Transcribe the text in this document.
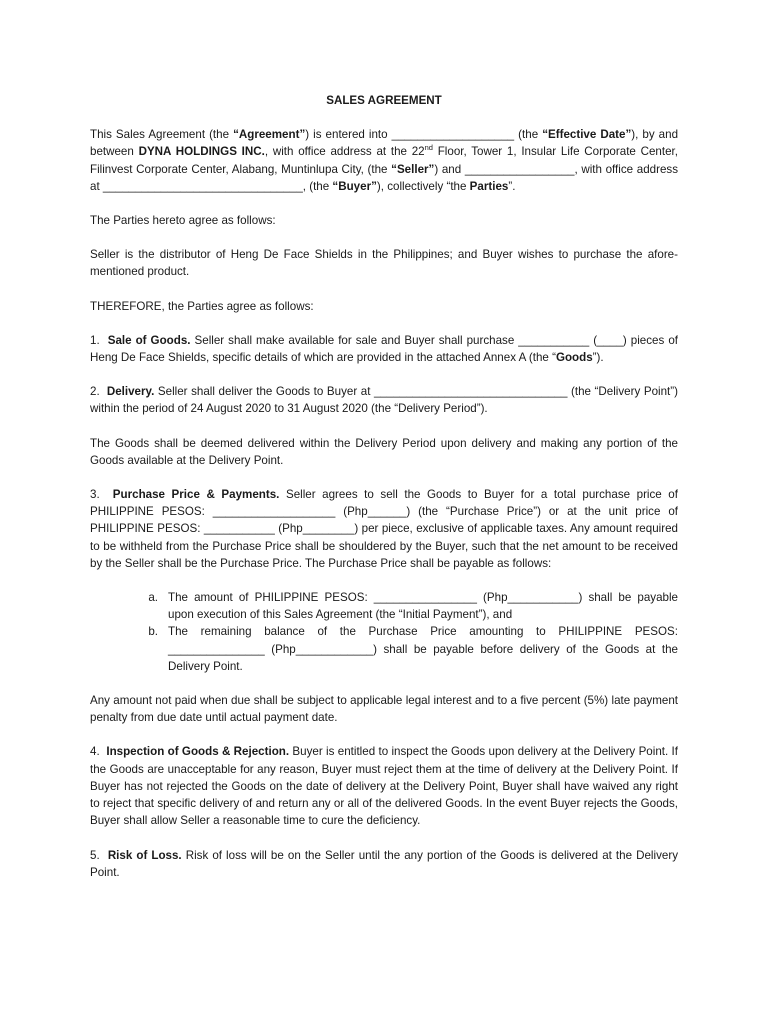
SALES AGREEMENT

This Sales Agreement (the “Agreement”) is entered into ___________________ (the “Effective Date”), by and between DYNA HOLDINGS INC., with office address at the 22nd Floor, Tower 1, Insular Life Corporate Center, Filinvest Corporate Center, Alabang, Muntinlupa City, (the “Seller”) and _________________, with office address at _______________________________, (the “Buyer”), collectively “the Parties”.

The Parties hereto agree as follows:

Seller is the distributor of Heng De Face Shields in the Philippines; and Buyer wishes to purchase the afore-mentioned product.

THEREFORE, the Parties agree as follows:

1. Sale of Goods. Seller shall make available for sale and Buyer shall purchase ___________ (____) pieces of Heng De Face Shields, specific details of which are provided in the attached Annex A (the “Goods”).

2. Delivery. Seller shall deliver the Goods to Buyer at ______________________________ (the “Delivery Point”) within the period of 24 August 2020 to 31 August 2020 (the “Delivery Period”).

The Goods shall be deemed delivered within the Delivery Period upon delivery and making any portion of the Goods available at the Delivery Point.

3. Purchase Price & Payments. Seller agrees to sell the Goods to Buyer for a total purchase price of PHILIPPINE PESOS: ___________________ (Php______) (the “Purchase Price”) or at the unit price of PHILIPPINE PESOS: ___________ (Php________) per piece, exclusive of applicable taxes. Any amount required to be withheld from the Purchase Price shall be shouldered by the Buyer, such that the net amount to be received by the Seller shall be the Purchase Price. The Purchase Price shall be payable as follows:

a. The amount of PHILIPPINE PESOS: ________________ (Php___________) shall be payable upon execution of this Sales Agreement (the “Initial Payment”), and
b. The remaining balance of the Purchase Price amounting to PHILIPPINE PESOS: _______________ (Php____________) shall be payable before delivery of the Goods at the Delivery Point.

Any amount not paid when due shall be subject to applicable legal interest and to a five percent (5%) late payment penalty from due date until actual payment date.

4. Inspection of Goods & Rejection. Buyer is entitled to inspect the Goods upon delivery at the Delivery Point. If the Goods are unacceptable for any reason, Buyer must reject them at the time of delivery at the Delivery Point. If Buyer has not rejected the Goods on the date of delivery at the Delivery Point, Buyer shall have waived any right to reject that specific delivery of and return any or all of the delivered Goods. In the event Buyer rejects the Goods, Buyer shall allow Seller a reasonable time to cure the deficiency.

5. Risk of Loss. Risk of loss will be on the Seller until the any portion of the Goods is delivered at the Delivery Point.
